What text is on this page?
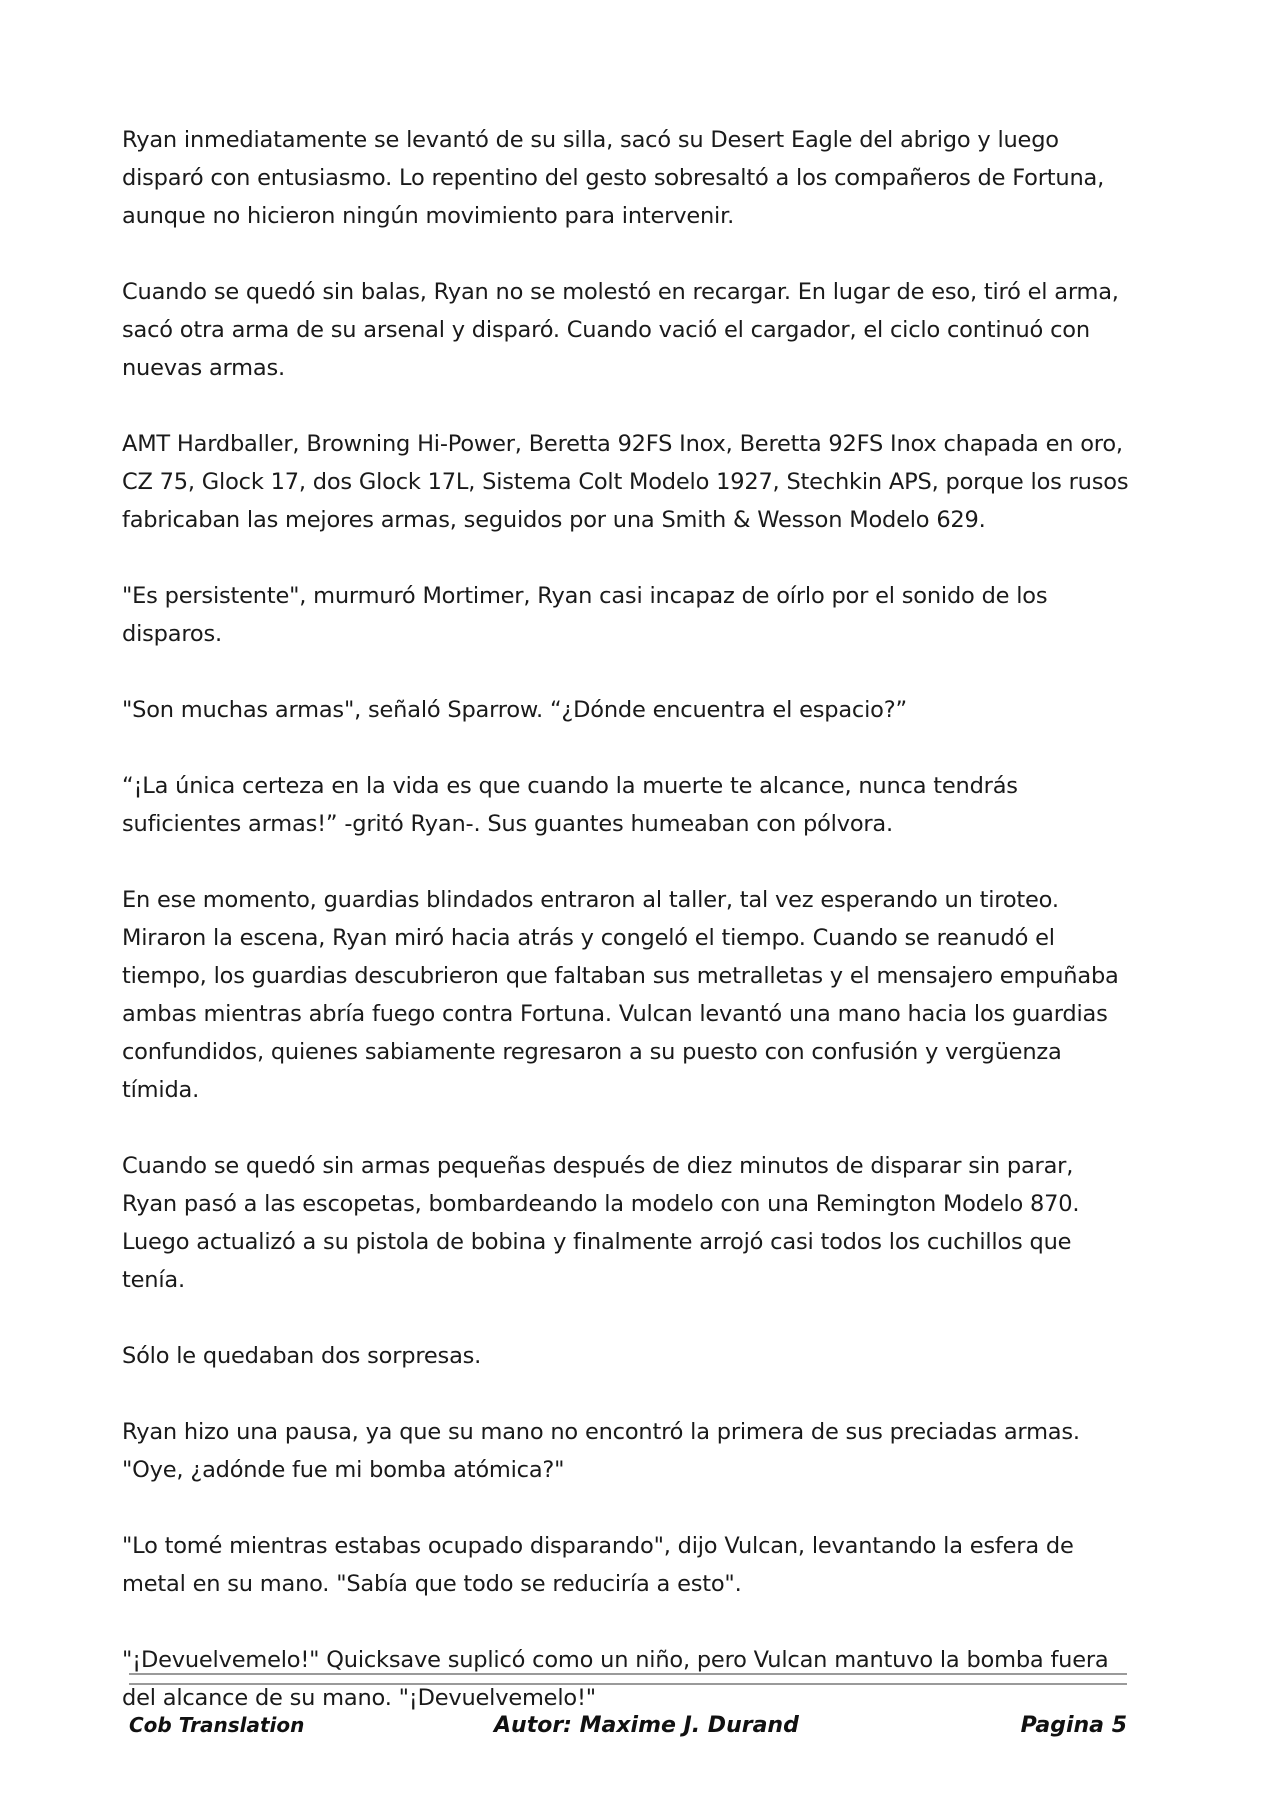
Ryan inmediatamente se levantó de su silla, sacó su Desert Eagle del abrigo y luego disparó con entusiasmo. Lo repentino del gesto sobresaltó a los compañeros de Fortuna, aunque no hicieron ningún movimiento para intervenir.

Cuando se quedó sin balas, Ryan no se molestó en recargar. En lugar de eso, tiró el arma, sacó otra arma de su arsenal y disparó. Cuando vació el cargador, el ciclo continuó con nuevas armas.

AMT Hardballer, Browning Hi-Power, Beretta 92FS Inox, Beretta 92FS Inox chapada en oro, CZ 75, Glock 17, dos Glock 17L, Sistema Colt Modelo 1927, Stechkin APS, porque los rusos fabricaban las mejores armas, seguidos por una Smith & Wesson Modelo 629.

"Es persistente", murmuró Mortimer, Ryan casi incapaz de oírlo por el sonido de los disparos.

"Son muchas armas", señaló Sparrow. “¿Dónde encuentra el espacio?”

“¡La única certeza en la vida es que cuando la muerte te alcance, nunca tendrás suficientes armas!” -gritó Ryan-. Sus guantes humeaban con pólvora.

En ese momento, guardias blindados entraron al taller, tal vez esperando un tiroteo. Miraron la escena, Ryan miró hacia atrás y congeló el tiempo. Cuando se reanudó el tiempo, los guardias descubrieron que faltaban sus metralletas y el mensajero empuñaba ambas mientras abría fuego contra Fortuna. Vulcan levantó una mano hacia los guardias confundidos, quienes sabiamente regresaron a su puesto con confusión y vergüenza tímida.

Cuando se quedó sin armas pequeñas después de diez minutos de disparar sin parar, Ryan pasó a las escopetas, bombardeando la modelo con una Remington Modelo 870. Luego actualizó a su pistola de bobina y finalmente arrojó casi todos los cuchillos que tenía.

Sólo le quedaban dos sorpresas.

Ryan hizo una pausa, ya que su mano no encontró la primera de sus preciadas armas. "Oye, ¿adónde fue mi bomba atómica?"

"Lo tomé mientras estabas ocupado disparando", dijo Vulcan, levantando la esfera de metal en su mano. "Sabía que todo se reduciría a esto".

"¡Devuelvemelo!" Quicksave suplicó como un niño, pero Vulcan mantuvo la bomba fuera del alcance de su mano. "¡Devuelvemelo!"

Cob Translation	Autor: Maxime J. Durand	Pagina 5
